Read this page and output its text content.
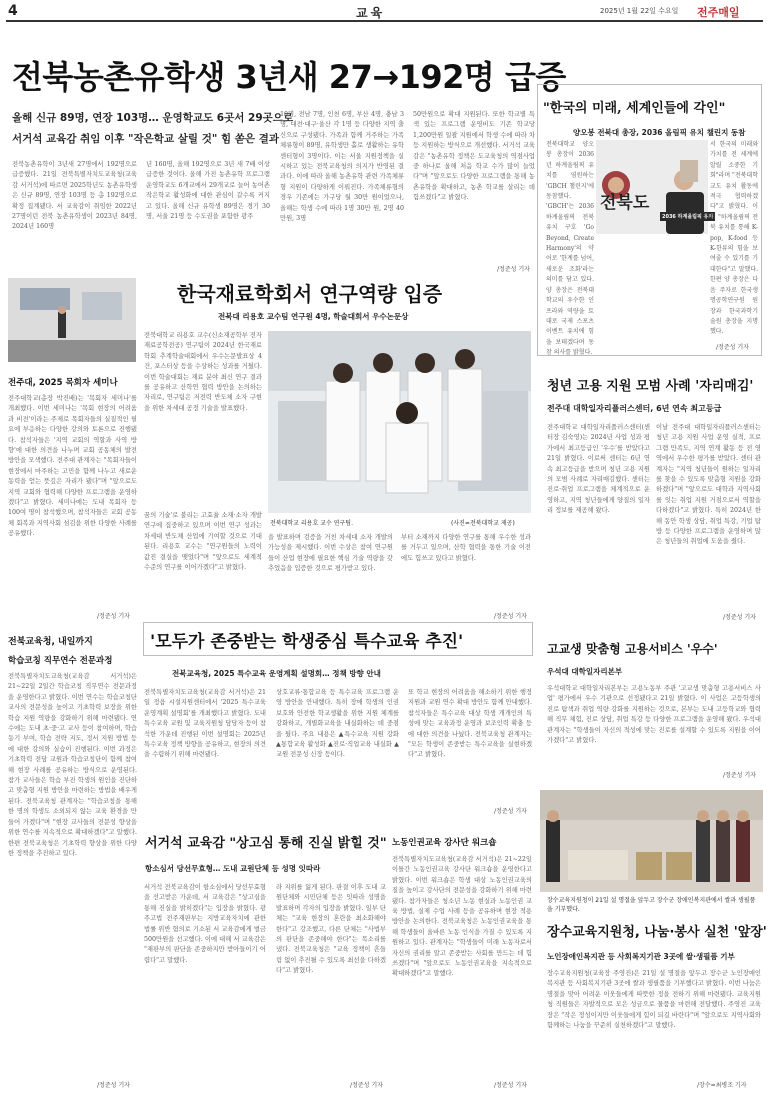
4	교육	2025년 1월 22일 수요일 전주매일
전북농촌유학생 3년새 27→192명 급증
올해 신규 89명, 연장 103명… 운영학교도 6곳서 29곳으로
서거석 교육감 취임 이후 "작은학교 살릴 것" 힘 쏟은 결과
전북농촌유학이 3년새 27명에서 192명으로 급증했다. 21일 전북특별자치도교육청(교육감 서거석)에 따르면 2025학년도 농촌유학생은 신규 89명, 연장 103명 등 총 192명으로 확정 집계됐다. 서 교육감이 취임한 2022년 27명이던 전북 농촌유학생이 2023년 84명, 2024년 160명
년 160명, 올해 192명으로 3년 새 7배 이상 급증한 것이다. 올해 가진 농촌유학 프로그램 운영학교도 6개교에서 29개교로 늘어 농어촌 작은학교 활성화에 대한 관심이 갈수록 커지고 있다. 올해 신규 유학생 89명은 경기 30명, 서울 21명 등 수도권을 포함한 광주
10명, 전남 7명, 인천 6명, 부산 4명, 충남 3명, 대전·대구·울산 각 1명 등 다양한 지역 출신으로 구성됐다. 가족과 함께 거주하는 가족체류형이 89명, 유학생만 홀로 생활하는 유학센터형이 3명이다. 이는 서울 지원정책을 실시하고 있는 전북교육청의 의지가 반영된 결과다. 이에 따라 올해 농촌유학 관련 가족체류형 지원이 다양하게 이뤄진다. 가족체류형의 경우 기존에는 가구당 월 30만 원이었으나, 올해는 학생 수에 따라 1명 30만 원, 2명 40만원, 3명
50만원으로 확대 지원된다. 또한 학교별 특색 있는 프로그램 운영비도 기존 학교당 1,200만원 일괄 지원에서 학생 수에 따라 차등 지원하는 방식으로 개선했다. 서거석 교육감은 "농촌유학 정책은 도교육청의 역점사업 중 하나로 올해 처음 학교 수가 많이 늘었다"며 "앞으로도 다양한 프로그램을 통해 농촌유학을 확대하고, 농촌 학교를 살리는 데 힘쓰겠다"고 밝혔다.
/정준성 기자
"한국의 미래, 세계인들에 각인"
양오봉 전북대 총장, 2036 올림픽 유치 챌린지 동참
전북도
2036 하계올림픽 유치
전북대학교 양오봉 총장이 2036년 하계올림픽 유치를 염원하는 'GBCH 챌린지'에 동참했다. 'GBCH'는 2036 하계올림픽 전북 유치 구호 'Go Beyond, Create Harmony'의 약어로 '한계를 넘어, 새로운 조화'라는 의미를 담고 있다. 양 총장은 전북대학교의 우수한 인프라와 역량을 토대로 국제 스포츠 이벤트 유치에 힘을 보태겠다며 동참 의사를 밝혔다.
서 한국의 미래와 가치를 전 세계에 알릴 소중한 기회"라며 "전북대학교도 유치 활동에 적극 협력하겠다"고 밝혔다. 이어 "하계올림픽 전북 유치를 통해 K-pop, K-food 등 K-한류의 힘을 보여줄 수 있기를 기대한다"고 말했다. 한편 양 총장은 다음 주자로 한국생명공학연구원 원장과 한국과학기술원 총장을 지명했다.
/정준성 기자
전주대, 2025 목회자 세미나
전주대학교(총장 박진배)는 '목회자 세미나'를 개최했다. 이번 세미나는 '목회 현장의 어려움과 비전'이라는 주제로 목회자들의 실질적인 필요에 부응하는 다양한 강의와 토론으로 진행됐다. 참석자들은 '지역 교회의 역할과 사역 방향'에 대한 의견을 나누며 교회 공동체의 발전 방안을 모색했다. 전주대 관계자는 "목회자들이 현장에서 마주하는 고민을 함께 나누고 새로운 동력을 얻는 뜻깊은 자리가 됐다"며 "앞으로도 지역 교회와 협력해 다양한 프로그램을 운영하겠다"고 밝혔다. 세미나에는 도내 목회자 등 100여 명이 참석했으며, 참석자들은 교회 공동체 회복과 지역사회 섬김을 위한 다양한 사례를 공유했다.
/정준성 기자
한국재료학회서 연구역량 입증
전북대 리용호 교수팀 연구원 4명, 학술대회서 우수논문상
전북대학교 리용호 교수(신소재공학부 전자재료공학전공) 연구팀이 2024년 한국재료학회 추계학술대회에서 우수논문발표상 4건, 포스터상 등을 수상하는 성과를 거뒀다. 이번 학술대회는 재료 분야 최신 연구 결과를 공유하고 산학연 협력 방안을 논의하는 자리로, 연구팀은 저전력 반도체 소자 구현을 위한 차세대 공정 기술을 발표했다.
꿈의 기술'로 불리는 고효율 소재·소자 개발 연구에 집중하고 있으며 이번 연구 성과는 차세대 반도체 산업에 기여할 것으로 기대된다. 리용호 교수는 "연구원들의 노력이 값진 결실을 맺었다"며 "앞으로도 세계적 수준의 연구를 이어가겠다"고 밝혔다.
전북대학교 리용호 교수 연구팀.	(사진=전북대학교 제공)
을 발표하며 검증을 거친 차세대 소자 개발의 가능성을 제시했다. 이번 수상은 참여 연구원들이 산업 현장에 필요한 핵심 기술 역량을 갖추었음을 입증한 것으로 평가받고 있다.
부터 소재까지 다양한 연구를 통해 우수한 성과를 거두고 있으며, 산학 협력을 통한 기술 이전에도 힘쓰고 있다고 밝혔다.
/정준성 기자
청년 고용 지원 모범 사례 '자리매김'
전주대 대학일자리플러스센터, 6년 연속 최고등급
전주대학교 대학일자리플러스센터(센터장 김숙영)는 2024년 사업 성과 평가에서 최고등급인 '우수'를 받았다고 21일 밝혔다. 이로써 센터는 6년 연속 최고등급을 받으며 청년 고용 지원의 모범 사례로 자리매김했다. 센터는 진로·취업 프로그램을 체계적으로 운영하고, 지역 청년들에게 양질의 일자리 정보를 제공해 왔다.
이날 전주대 대학일자리플러스센터는 청년 고용 지원 사업 운영 실적, 프로그램 만족도, 지역 연계 활동 등 전 영역에서 우수한 평가를 받았다. 센터 관계자는 "지역 청년들이 원하는 일자리를 찾을 수 있도록 맞춤형 지원을 강화하겠다"며 "앞으로도 대학과 지역사회를 잇는 취업 지원 거점으로서 역할을 다하겠다"고 밝혔다. 특히 2024년 한 해 동안 학생 상담, 취업 특강, 기업 탐방 등 다양한 프로그램을 운영하며 많은 청년들의 취업에 도움을 줬다.
/정준성 기자
전북교육청, 내일까지
학습코칭 직무연수 전문과정
전북특별자치도교육청(교육감 서거석)은 21~22일 2일간 학습코칭 직무연수 전문과정을 운영한다고 밝혔다. 이번 연수는 학습코칭단 교사의 전문성을 높이고 기초학력 보장을 위한 학습 지원 역량을 강화하기 위해 마련됐다. 연수에는 도내 초·중·고 교사 등이 참여하며, 학습 동기 부여, 학습 전략 지도, 정서 지원 방법 등에 대한 강의와 실습이 진행된다. 이번 과정은 기초학력 전담 교원과 학습코칭단이 함께 참여해 현장 사례를 공유하는 방식으로 운영된다. 참가 교사들은 학습 부진 학생의 원인을 진단하고 맞춤형 지원 방안을 마련하는 방법을 배우게 된다. 전북교육청 관계자는 "학습코칭을 통해 한 명의 학생도 소외되지 않는 교육 환경을 만들어 가겠다"며 "현장 교사들의 전문성 향상을 위한 연수를 지속적으로 확대하겠다"고 말했다. 한편 전북교육청은 기초학력 향상을 위한 다양한 정책을 추진하고 있다.
/정준성 기자
'모두가 존중받는 학생중심 특수교육 추진'
전북교육청, 2025 특수교육 운영계획 설명회… 정책 방향 안내
전북특별자치도교육청(교육감 서거석)은 21일 정읍 시설지원센터에서 '2025 특수교육 운영계획 설명회'를 개최했다고 밝혔다. 도내 특수교육 교원 및 교육지원청 담당자 등이 참석한 가운데 진행된 이번 설명회는 2025년 특수교육 정책 방향을 공유하고, 현장의 의견을 수렴하기 위해 마련됐다.
상호교류·통합교육 등 특수교육 프로그램 운영 방안을 안내했다. 특히 장애 학생의 인권 보호와 안전한 학교생활을 위한 지원 체계를 강화하고, 개별화교육을 내실화하는 데 중점을 뒀다. 주요 내용은 ▲특수교육 지원 강화 ▲통합교육 활성화 ▲진로·직업교육 내실화 ▲교원 전문성 신장 등이다.
또 학교 현장의 어려움을 해소하기 위한 행정 지원과 교원 연수 확대 방안도 함께 안내했다. 참석자들은 특수교육 대상 학생 개개인의 특성에 맞는 교육과정 운영과 보조인력 확충 등에 대한 의견을 나눴다. 전북교육청 관계자는 "모든 학생이 존중받는 특수교육을 실현하겠다"고 밝혔다.
/정준성 기자
고교생 맞춤형 고용서비스 '우수'
우석대 대학일자리본부
우석대학교 대학일자리본부는 고용노동부 주관 '고교생 맞춤형 고용서비스 사업' 평가에서 우수 기관으로 선정됐다고 21일 밝혔다. 이 사업은 고등학생의 진로 탐색과 취업 역량 강화를 지원하는 것으로, 본부는 도내 고등학교와 협력해 직무 체험, 진로 상담, 취업 특강 등 다양한 프로그램을 운영해 왔다. 우석대 관계자는 "학생들이 자신의 적성에 맞는 진로를 설계할 수 있도록 지원을 이어가겠다"고 밝혔다.
/정준성 기자
서거석 교육감 "상고심 통해 진실 밝힐 것"
항소심서 당선무효형… 도내 교원단체 등 성명 잇따라
서거석 전북교육감이 항소심에서 당선무효형을 선고받은 가운데, 서 교육감은 "상고심을 통해 진실을 밝히겠다"는 입장을 밝혔다. 광주고법 전주재판부는 지방교육자치에 관한 법률 위반 혐의로 기소된 서 교육감에게 벌금 500만원을 선고했다. 이에 대해 서 교육감은 "재판부의 판단을 존중하지만 받아들이기 어렵다"고 말했다.
라 지위를 잃게 된다. 판결 이후 도내 교원단체와 시민단체 등은 잇따라 성명을 발표하며 각자의 입장을 밝혔다. 일부 단체는 "교육 현장의 혼란을 최소화해야 한다"고 강조했고, 다른 단체는 "사법부의 판단을 존중해야 한다"는 목소리를 냈다. 전북교육청은 "교육 정책이 흔들림 없이 추진될 수 있도록 최선을 다하겠다"고 밝혔다.
/정준성 기자
노동인권교육 강사단 워크숍
전북특별자치도교육청(교육감 서거석)은 21~22일 이틀간 노동인권교육 강사단 워크숍을 운영한다고 밝혔다. 이번 워크숍은 학생 대상 노동인권교육의 질을 높이고 강사단의 전문성을 강화하기 위해 마련됐다. 참가자들은 청소년 노동 현실과 노동인권 교육 방법, 실제 수업 사례 등을 공유하며 현장 적용 방안을 논의한다. 전북교육청은 노동인권교육을 통해 학생들이 올바른 노동 인식을 가질 수 있도록 지원하고 있다. 관계자는 "학생들이 미래 노동자로서 자신의 권리를 알고 존중받는 사회를 만드는 데 힘쓰겠다"며 "앞으로도 노동인권교육을 지속적으로 확대하겠다"고 말했다.
/정준성 기자
장수교육지원청이 21일 설 명절을 앞두고 장수군 장애인복지관에서 쌀과 생필품을 기부했다.
장수교육지원청, 나눔·봉사 실천 '앞장'
노인장애인복지관 등 사회복지기관 3곳에 쌀·생필품 기부
장수교육지원청(교육장 주영진)은 21일 설 명절을 앞두고 장수군 노인장애인복지관 등 사회복지기관 3곳에 쌀과 생필품을 기부했다고 밝혔다. 이번 나눔은 명절을 맞아 어려운 이웃들에게 따뜻한 정을 전하기 위해 마련됐다. 교육지원청 직원들은 자발적으로 모은 성금으로 물품을 마련해 전달했다. 주영진 교육장은 "작은 정성이지만 이웃들에게 힘이 되길 바란다"며 "앞으로도 지역사회와 함께하는 나눔을 꾸준히 실천하겠다"고 말했다.
/장수=최병조 기자
